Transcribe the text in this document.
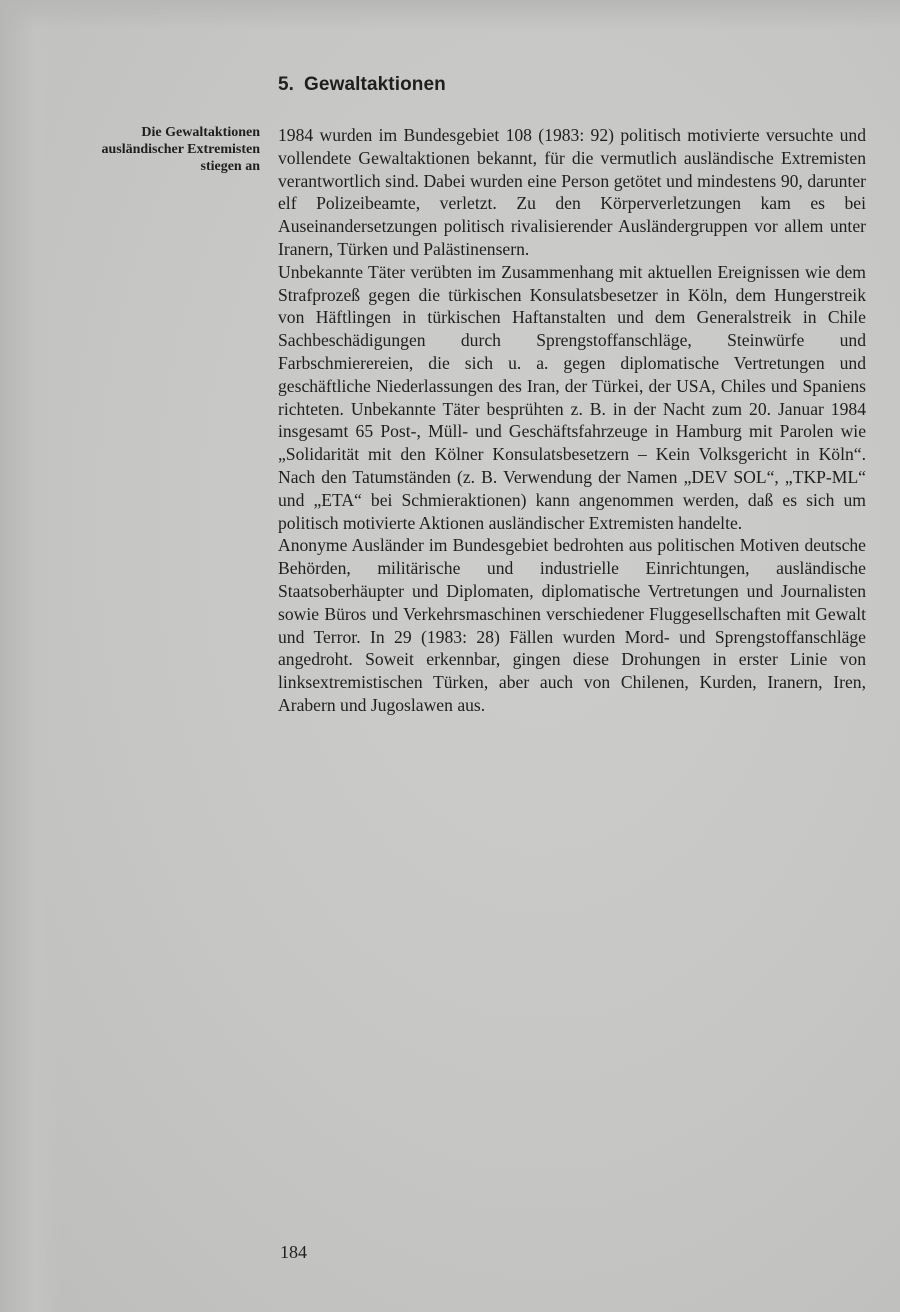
5. Gewaltaktionen

Die Gewaltaktionen ausländischer Extremisten stiegen an

1984 wurden im Bundesgebiet 108 (1983: 92) politisch motivierte versuchte und vollendete Gewaltaktionen bekannt, für die vermutlich ausländische Extremisten verantwortlich sind. Dabei wurden eine Person getötet und mindestens 90, darunter elf Polizeibeamte, verletzt. Zu den Körperverletzungen kam es bei Auseinandersetzungen politisch rivalisierender Ausländergruppen vor allem unter Iranern, Türken und Palästinensern.

Unbekannte Täter verübten im Zusammenhang mit aktuellen Ereignissen wie dem Strafprozeß gegen die türkischen Konsulatsbesetzer in Köln, dem Hungerstreik von Häftlingen in türkischen Haftanstalten und dem Generalstreik in Chile Sachbeschädigungen durch Sprengstoffanschläge, Steinwürfe und Farbschmierereien, die sich u. a. gegen diplomatische Vertretungen und geschäftliche Niederlassungen des Iran, der Türkei, der USA, Chiles und Spaniens richteten. Unbekannte Täter besprühten z. B. in der Nacht zum 20. Januar 1984 insgesamt 65 Post-, Müll- und Geschäftsfahrzeuge in Hamburg mit Parolen wie „Solidarität mit den Kölner Konsulatsbesetzern – Kein Volksgericht in Köln“. Nach den Tatumständen (z. B. Verwendung der Namen „DEV SOL“, „TKP-ML“ und „ETA“ bei Schmieraktionen) kann angenommen werden, daß es sich um politisch motivierte Aktionen ausländischer Extremisten handelte.

Anonyme Ausländer im Bundesgebiet bedrohten aus politischen Motiven deutsche Behörden, militärische und industrielle Einrichtungen, ausländische Staatsoberhäupter und Diplomaten, diplomatische Vertretungen und Journalisten sowie Büros und Verkehrsmaschinen verschiedener Fluggesellschaften mit Gewalt und Terror. In 29 (1983: 28) Fällen wurden Mord- und Sprengstoffanschläge angedroht. Soweit erkennbar, gingen diese Drohungen in erster Linie von linksextremistischen Türken, aber auch von Chilenen, Kurden, Iranern, Iren, Arabern und Jugoslawen aus.

184
